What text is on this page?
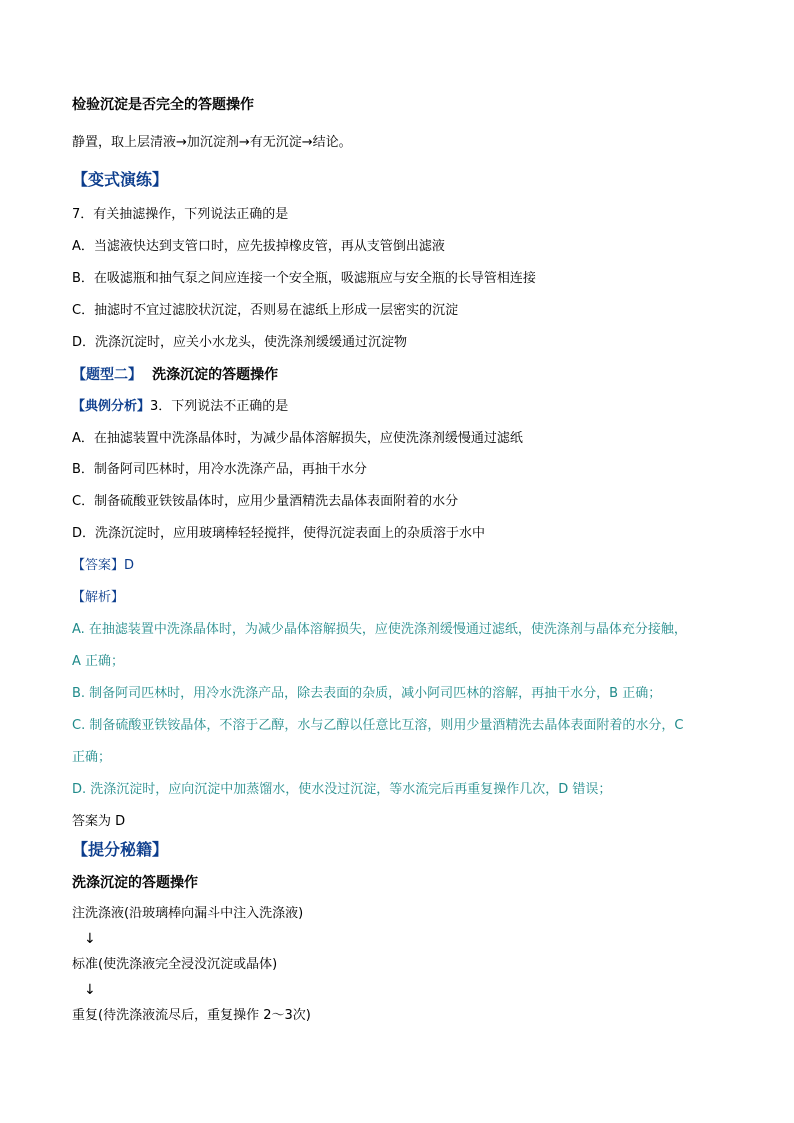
检验沉淀是否完全的答题操作
静置，取上层清液→加沉淀剂→有无沉淀→结论。
【变式演练】
7．有关抽滤操作，下列说法正确的是
A．当滤液快达到支管口时，应先拔掉橡皮管，再从支管倒出滤液
B．在吸滤瓶和抽气泵之间应连接一个安全瓶，吸滤瓶应与安全瓶的长导管相连接
C．抽滤时不宜过滤胶状沉淀，否则易在滤纸上形成一层密实的沉淀
D．洗涤沉淀时，应关小水龙头，使洗涤剂缓缓通过沉淀物
【题型二】 洗涤沉淀的答题操作
【典例分析】3．下列说法不正确的是
A．在抽滤装置中洗涤晶体时，为减少晶体溶解损失，应使洗涤剂缓慢通过滤纸
B．制备阿司匹林时，用冷水洗涤产品，再抽干水分
C．制备硫酸亚铁铵晶体时，应用少量酒精洗去晶体表面附着的水分
D．洗涤沉淀时，应用玻璃棒轻轻搅拌，使得沉淀表面上的杂质溶于水中
【答案】D
【解析】
A. 在抽滤装置中洗涤晶体时，为减少晶体溶解损失，应使洗涤剂缓慢通过滤纸，使洗涤剂与晶体充分接触，
A 正确；
B. 制备阿司匹林时，用冷水洗涤产品，除去表面的杂质，减小阿司匹林的溶解，再抽干水分，B 正确；
C. 制备硫酸亚铁铵晶体，不溶于乙醇，水与乙醇以任意比互溶，则用少量酒精洗去晶体表面附着的水分，C
正确；
D. 洗涤沉淀时，应向沉淀中加蒸馏水，使水没过沉淀，等水流完后再重复操作几次，D 错误；
答案为 D
【提分秘籍】
洗涤沉淀的答题操作
注洗涤液(沿玻璃棒向漏斗中注入洗涤液)
↓
标准(使洗涤液完全浸没沉淀或晶体)
↓
重复(待洗涤液流尽后，重复操作 2～3次)
